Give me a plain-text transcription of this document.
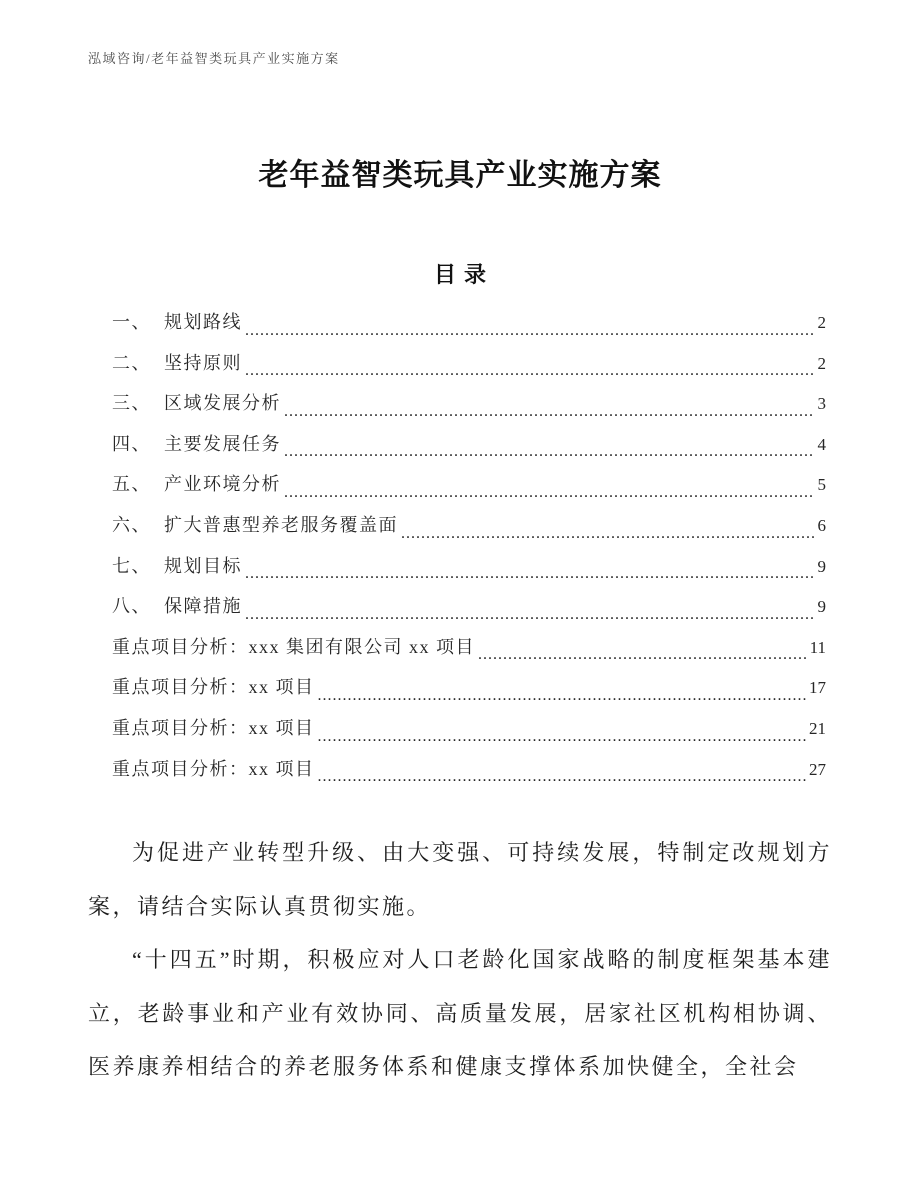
泓域咨询/老年益智类玩具产业实施方案
老年益智类玩具产业实施方案
目录
一、 规划路线 .....	2
二、 坚持原则 .....	2
三、 区域发展分析 .....	3
四、 主要发展任务 .....	4
五、 产业环境分析 .....	5
六、 扩大普惠型养老服务覆盖面 .....	6
七、 规划目标 .....	9
八、 保障措施 .....	9
重点项目分析：xxx 集团有限公司 xx 项目 .....	11
重点项目分析：xx 项目 .....	17
重点项目分析：xx 项目 .....	21
重点项目分析：xx 项目 .....	27

为促进产业转型升级、由大变强、可持续发展，特制定改规划方案，请结合实际认真贯彻实施。

“十四五”时期，积极应对人口老龄化国家战略的制度框架基本建立，老龄事业和产业有效协同、高质量发展，居家社区机构相协调、医养康养相结合的养老服务体系和健康支撑体系加快健全，全社会
